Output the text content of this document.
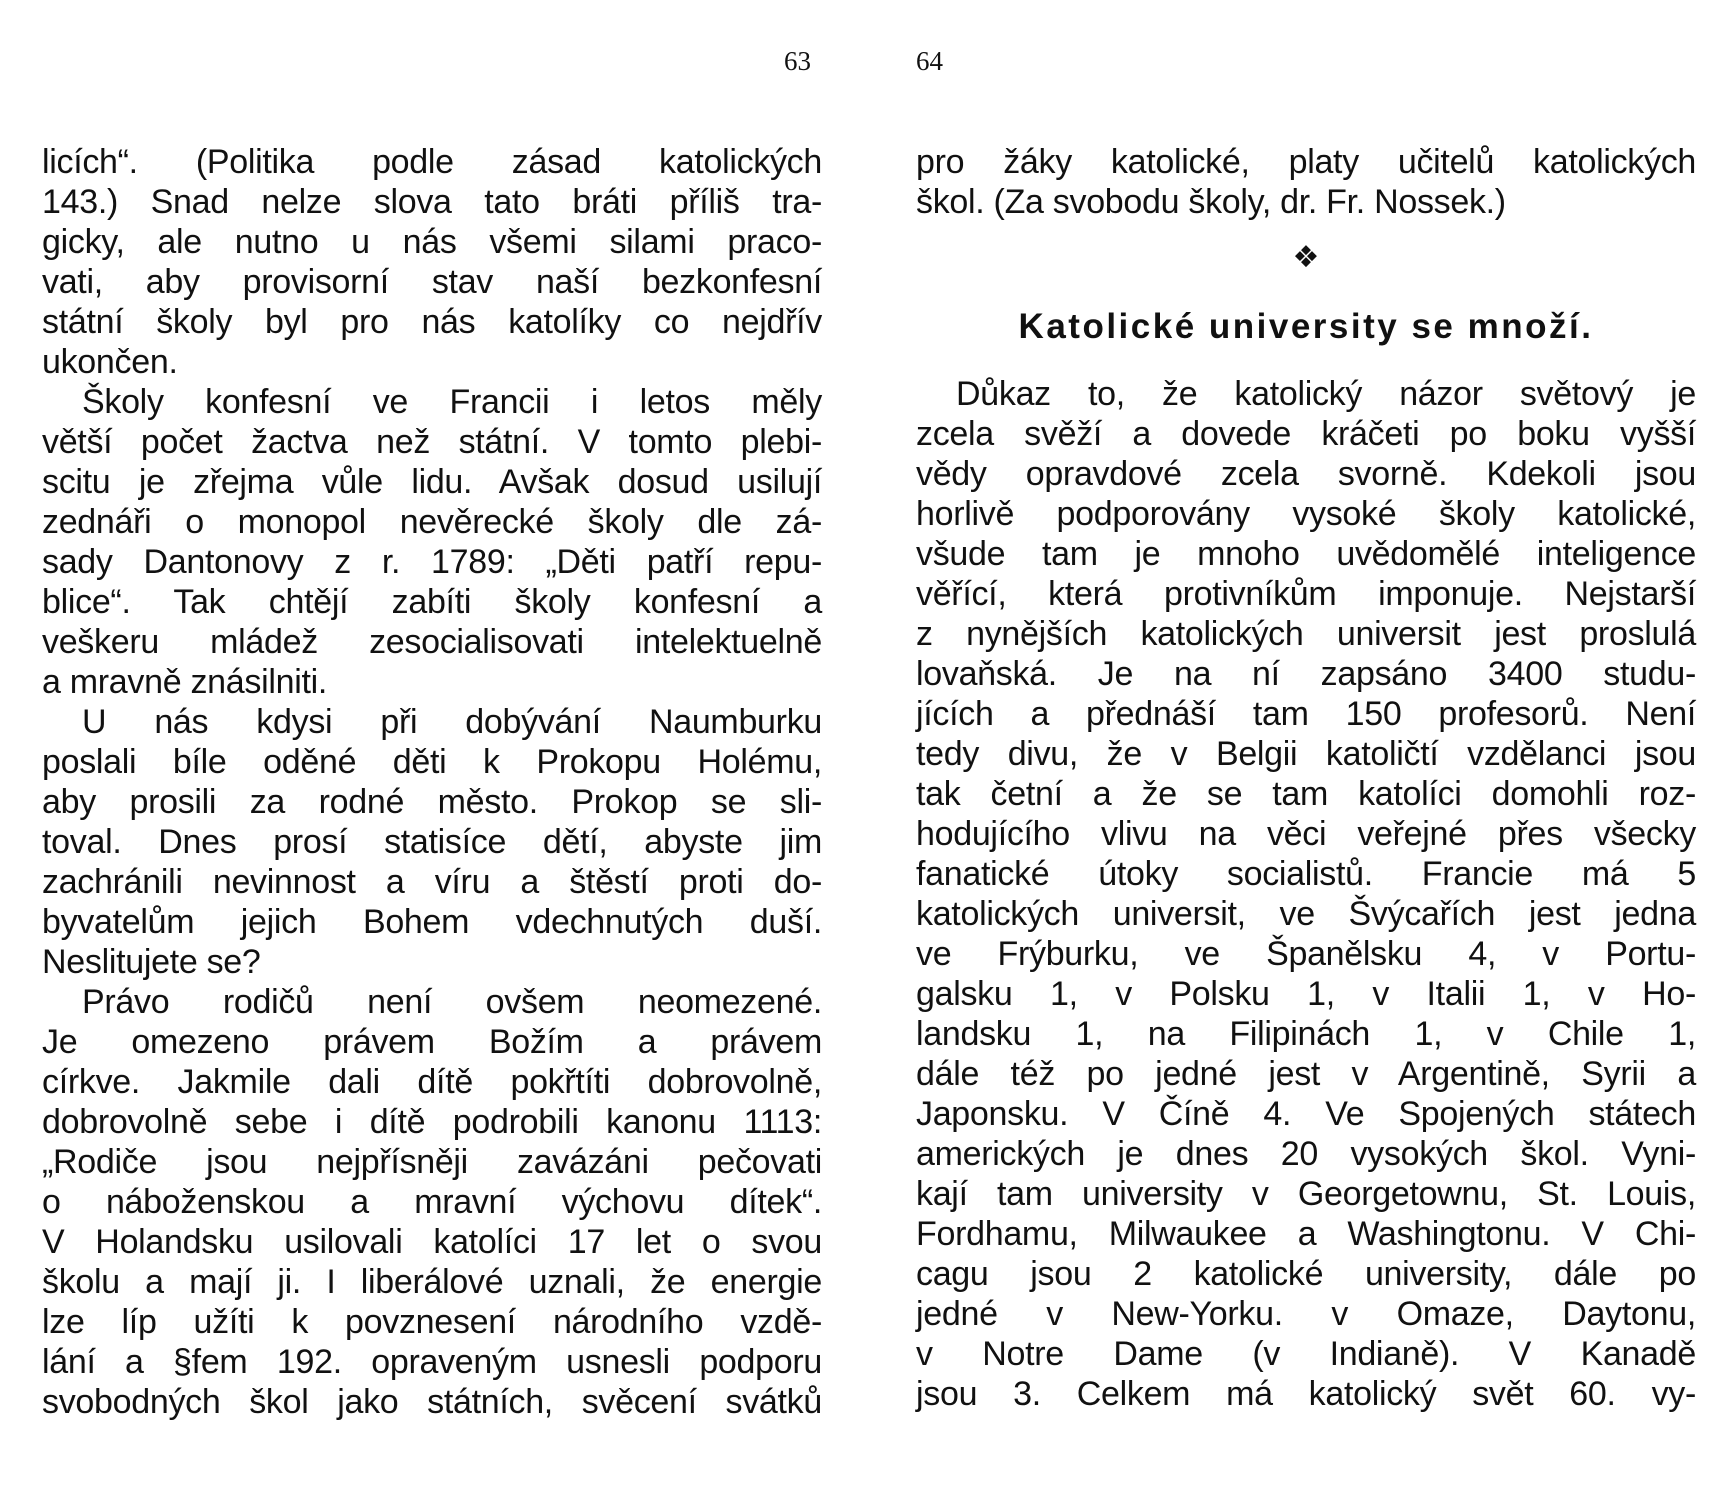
63
licích“. (Politika podle zásad katolických
143.) Snad nelze slova tato bráti příliš tra-
gicky, ale nutno u nás všemi silami praco-
vati, aby provisorní stav naší bezkonfesní
státní školy byl pro nás katolíky co nejdřív
ukončen.
Školy konfesní ve Francii i letos měly
větší počet žactva než státní. V tomto plebi-
scitu je zřejma vůle lidu. Avšak dosud usilují
zednáři o monopol nevěrecké školy dle zá-
sady Dantonovy z r. 1789: „Děti patří repu-
blice“. Tak chtějí zabíti školy konfesní a
veškeru mládež zesocialisovati intelektuelně
a mravně znásilniti.
U nás kdysi při dobývání Naumburku
poslali bíle oděné děti k Prokopu Holému,
aby prosili za rodné město. Prokop se sli-
toval. Dnes prosí statisíce dětí, abyste jim
zachránili nevinnost a víru a štěstí proti do-
byvatelům jejich Bohem vdechnutých duší.
Neslitujete se?
Právo rodičů není ovšem neomezené.
Je omezeno právem Božím a právem
církve. Jakmile dali dítě pokřtíti dobrovolně,
dobrovolně sebe i dítě podrobili kanonu 1113:
„Rodiče jsou nejpřísněji zavázáni pečovati
o náboženskou a mravní výchovu dítek“.
V Holandsku usilovali katolíci 17 let o svou
školu a mají ji. I liberálové uznali, že energie
lze líp užíti k povznesení národního vzdě-
lání a §fem 192. opraveným usnesli podporu
svobodných škol jako státních, svěcení svátků
64
pro žáky katolické, platy učitelů katolických
škol. (Za svobodu školy, dr. Fr. Nossek.)
❖
Katolické university se množí.
Důkaz to, že katolický názor světový je
zcela svěží a dovede kráčeti po boku vyšší
vědy opravdové zcela svorně. Kdekoli jsou
horlivě podporovány vysoké školy katolické,
všude tam je mnoho uvědomělé inteligence
věřící, která protivníkům imponuje. Nejstarší
z nynějších katolických universit jest proslulá
lovaňská. Je na ní zapsáno 3400 studu-
jících a přednáší tam 150 profesorů. Není
tedy divu, že v Belgii katoličtí vzdělanci jsou
tak četní a že se tam katolíci domohli roz-
hodujícího vlivu na věci veřejné přes všecky
fanatické útoky socialistů. Francie má 5
katolických universit, ve Švýcařích jest jedna
ve Frýburku, ve Španělsku 4, v Portu-
galsku 1, v Polsku 1, v Italii 1, v Ho-
landsku 1, na Filipinách 1, v Chile 1,
dále též po jedné jest v Argentině, Syrii a
Japonsku. V Číně 4. Ve Spojených státech
amerických je dnes 20 vysokých škol. Vyni-
kají tam university v Georgetownu, St. Louis,
Fordhamu, Milwaukee a Washingtonu. V Chi-
cagu jsou 2 katolické university, dále po
jedné v New-Yorku. v Omaze, Daytonu,
v Notre Dame (v Indianě). V Kanadě
jsou 3. Celkem má katolický svět 60. vy-
